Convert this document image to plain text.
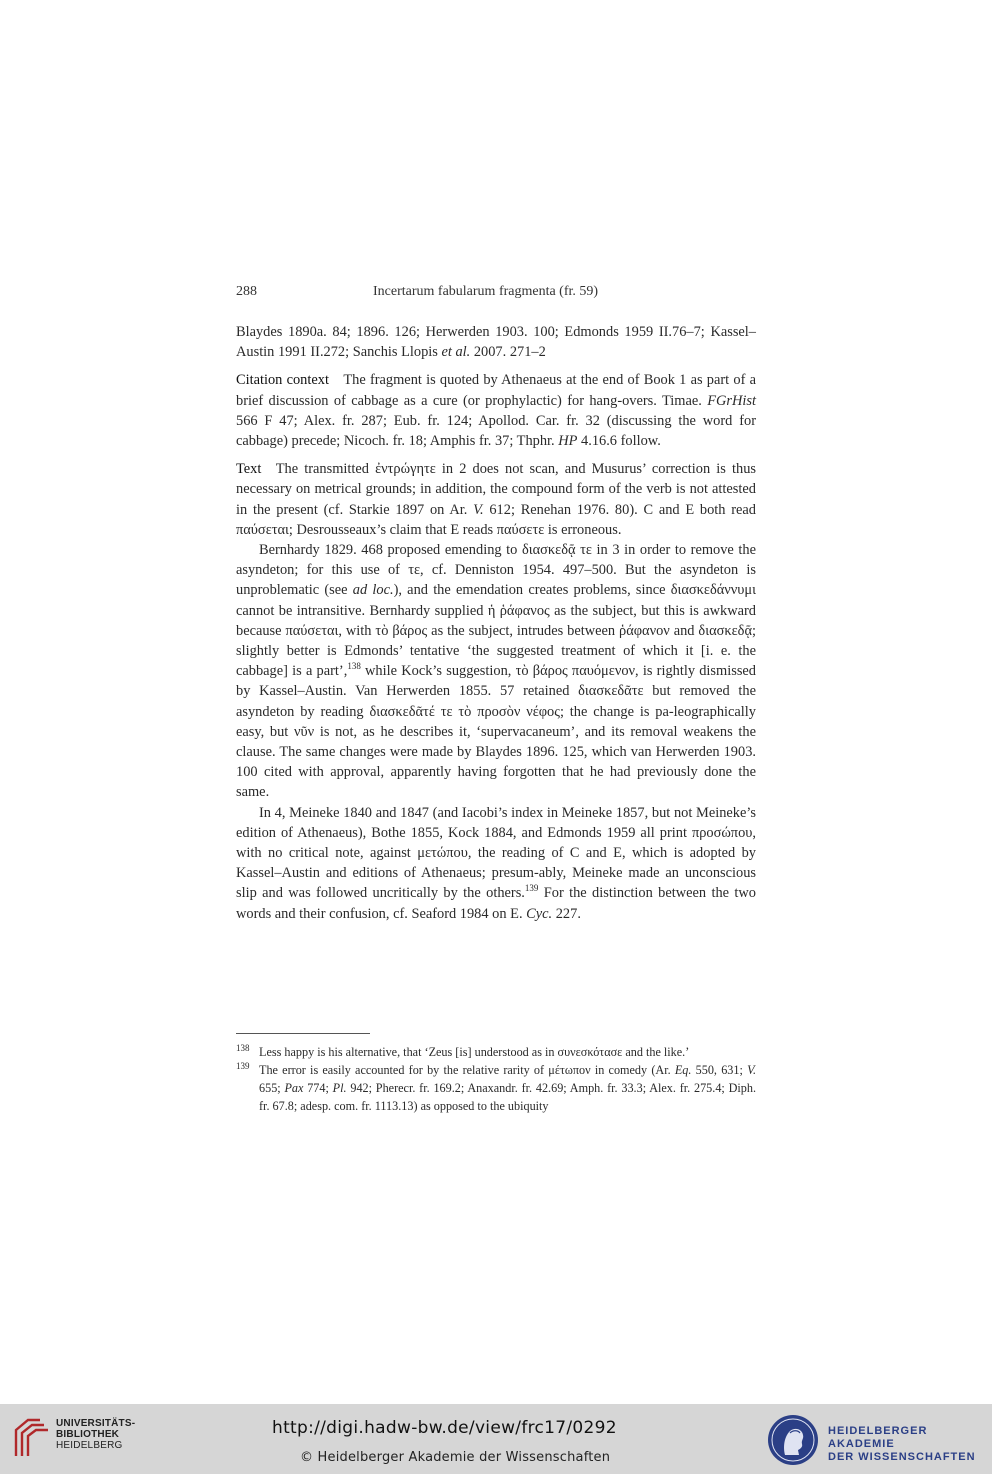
288	Incertarum fabularum fragmenta (fr. 59)

Blaydes 1890a. 84; 1896. 126; Herwerden 1903. 100; Edmonds 1959 II.76–7; Kassel–Austin 1991 II.272; Sanchis Llopis et al. 2007. 271–2

Citation context  The fragment is quoted by Athenaeus at the end of Book 1 as part of a brief discussion of cabbage as a cure (or prophylactic) for hang-overs. Timae. FGrHist 566 F 47; Alex. fr. 287; Eub. fr. 124; Apollod. Car. fr. 32 (discussing the word for cabbage) precede; Nicoch. fr. 18; Amphis fr. 37; Thphr. HP 4.16.6 follow.

Text  The transmitted ἐντρώγητε in 2 does not scan, and Musurus’ correction is thus necessary on metrical grounds; in addition, the compound form of the verb is not attested in the present (cf. Starkie 1897 on Ar. V. 612; Renehan 1976. 80). C and E both read παύσεται; Desrousseaux’s claim that E reads παύσετε is erroneous.

Bernhardy 1829. 468 proposed emending to διασκεδᾷ τε in 3 in order to remove the asyndeton; for this use of τε, cf. Denniston 1954. 497–500. But the asyndeton is unproblematic (see ad loc.), and the emendation creates problems, since διασκεδάννυμι cannot be intransitive. Bernhardy supplied ἡ ῥάφανος as the subject, but this is awkward because παύσεται, with τὸ βάρος as the subject, intrudes between ῥάφανον and διασκεδᾷ; slightly better is Edmonds’ tentative ‘the suggested treatment of which it [i. e. the cabbage] is a part’,$^{138}$ while Kock’s suggestion, τὸ βάρος παυόμενον, is rightly dismissed by Kassel–Austin. Van Herwerden 1855. 57 retained διασκεδᾶτε but removed the asyndeton by reading διασκεδᾶτέ τε τὸ προσὸν νέφος; the change is pa-leographically easy, but νῦν is not, as he describes it, ‘supervacaneum’, and its removal weakens the clause. The same changes were made by Blaydes 1896. 125, which van Herwerden 1903. 100 cited with approval, apparently having forgotten that he had previously done the same.

In 4, Meineke 1840 and 1847 (and Iacobi’s index in Meineke 1857, but not Meineke’s edition of Athenaeus), Bothe 1855, Kock 1884, and Edmonds 1959 all print προσώπου, with no critical note, against μετώπου, the reading of C and E, which is adopted by Kassel–Austin and editions of Athenaeus; presum-ably, Meineke made an unconscious slip and was followed uncritically by the others.$^{139}$ For the distinction between the two words and their confusion, cf. Seaford 1984 on E. Cyc. 227.

138 Less happy is his alternative, that ‘Zeus [is] understood as in συνεσκότασε and the like.’

139 The error is easily accounted for by the relative rarity of μέτωπον in comedy (Ar. Eq. 550, 631; V. 655; Pax 774; Pl. 942; Pherecr. fr. 169.2; Anaxandr. fr. 42.69; Amph. fr. 33.3; Alex. fr. 275.4; Diph. fr. 67.8; adesp. com. fr. 1113.13) as opposed to the ubiquity

UNIVERSITÄTS-
BIBLIOTHEK
HEIDELBERG
http://digi.hadw-bw.de/view/frc17/0292
© Heidelberger Akademie der Wissenschaften
HEIDELBERGER AKADEMIE
DER WISSENSCHAFTEN
